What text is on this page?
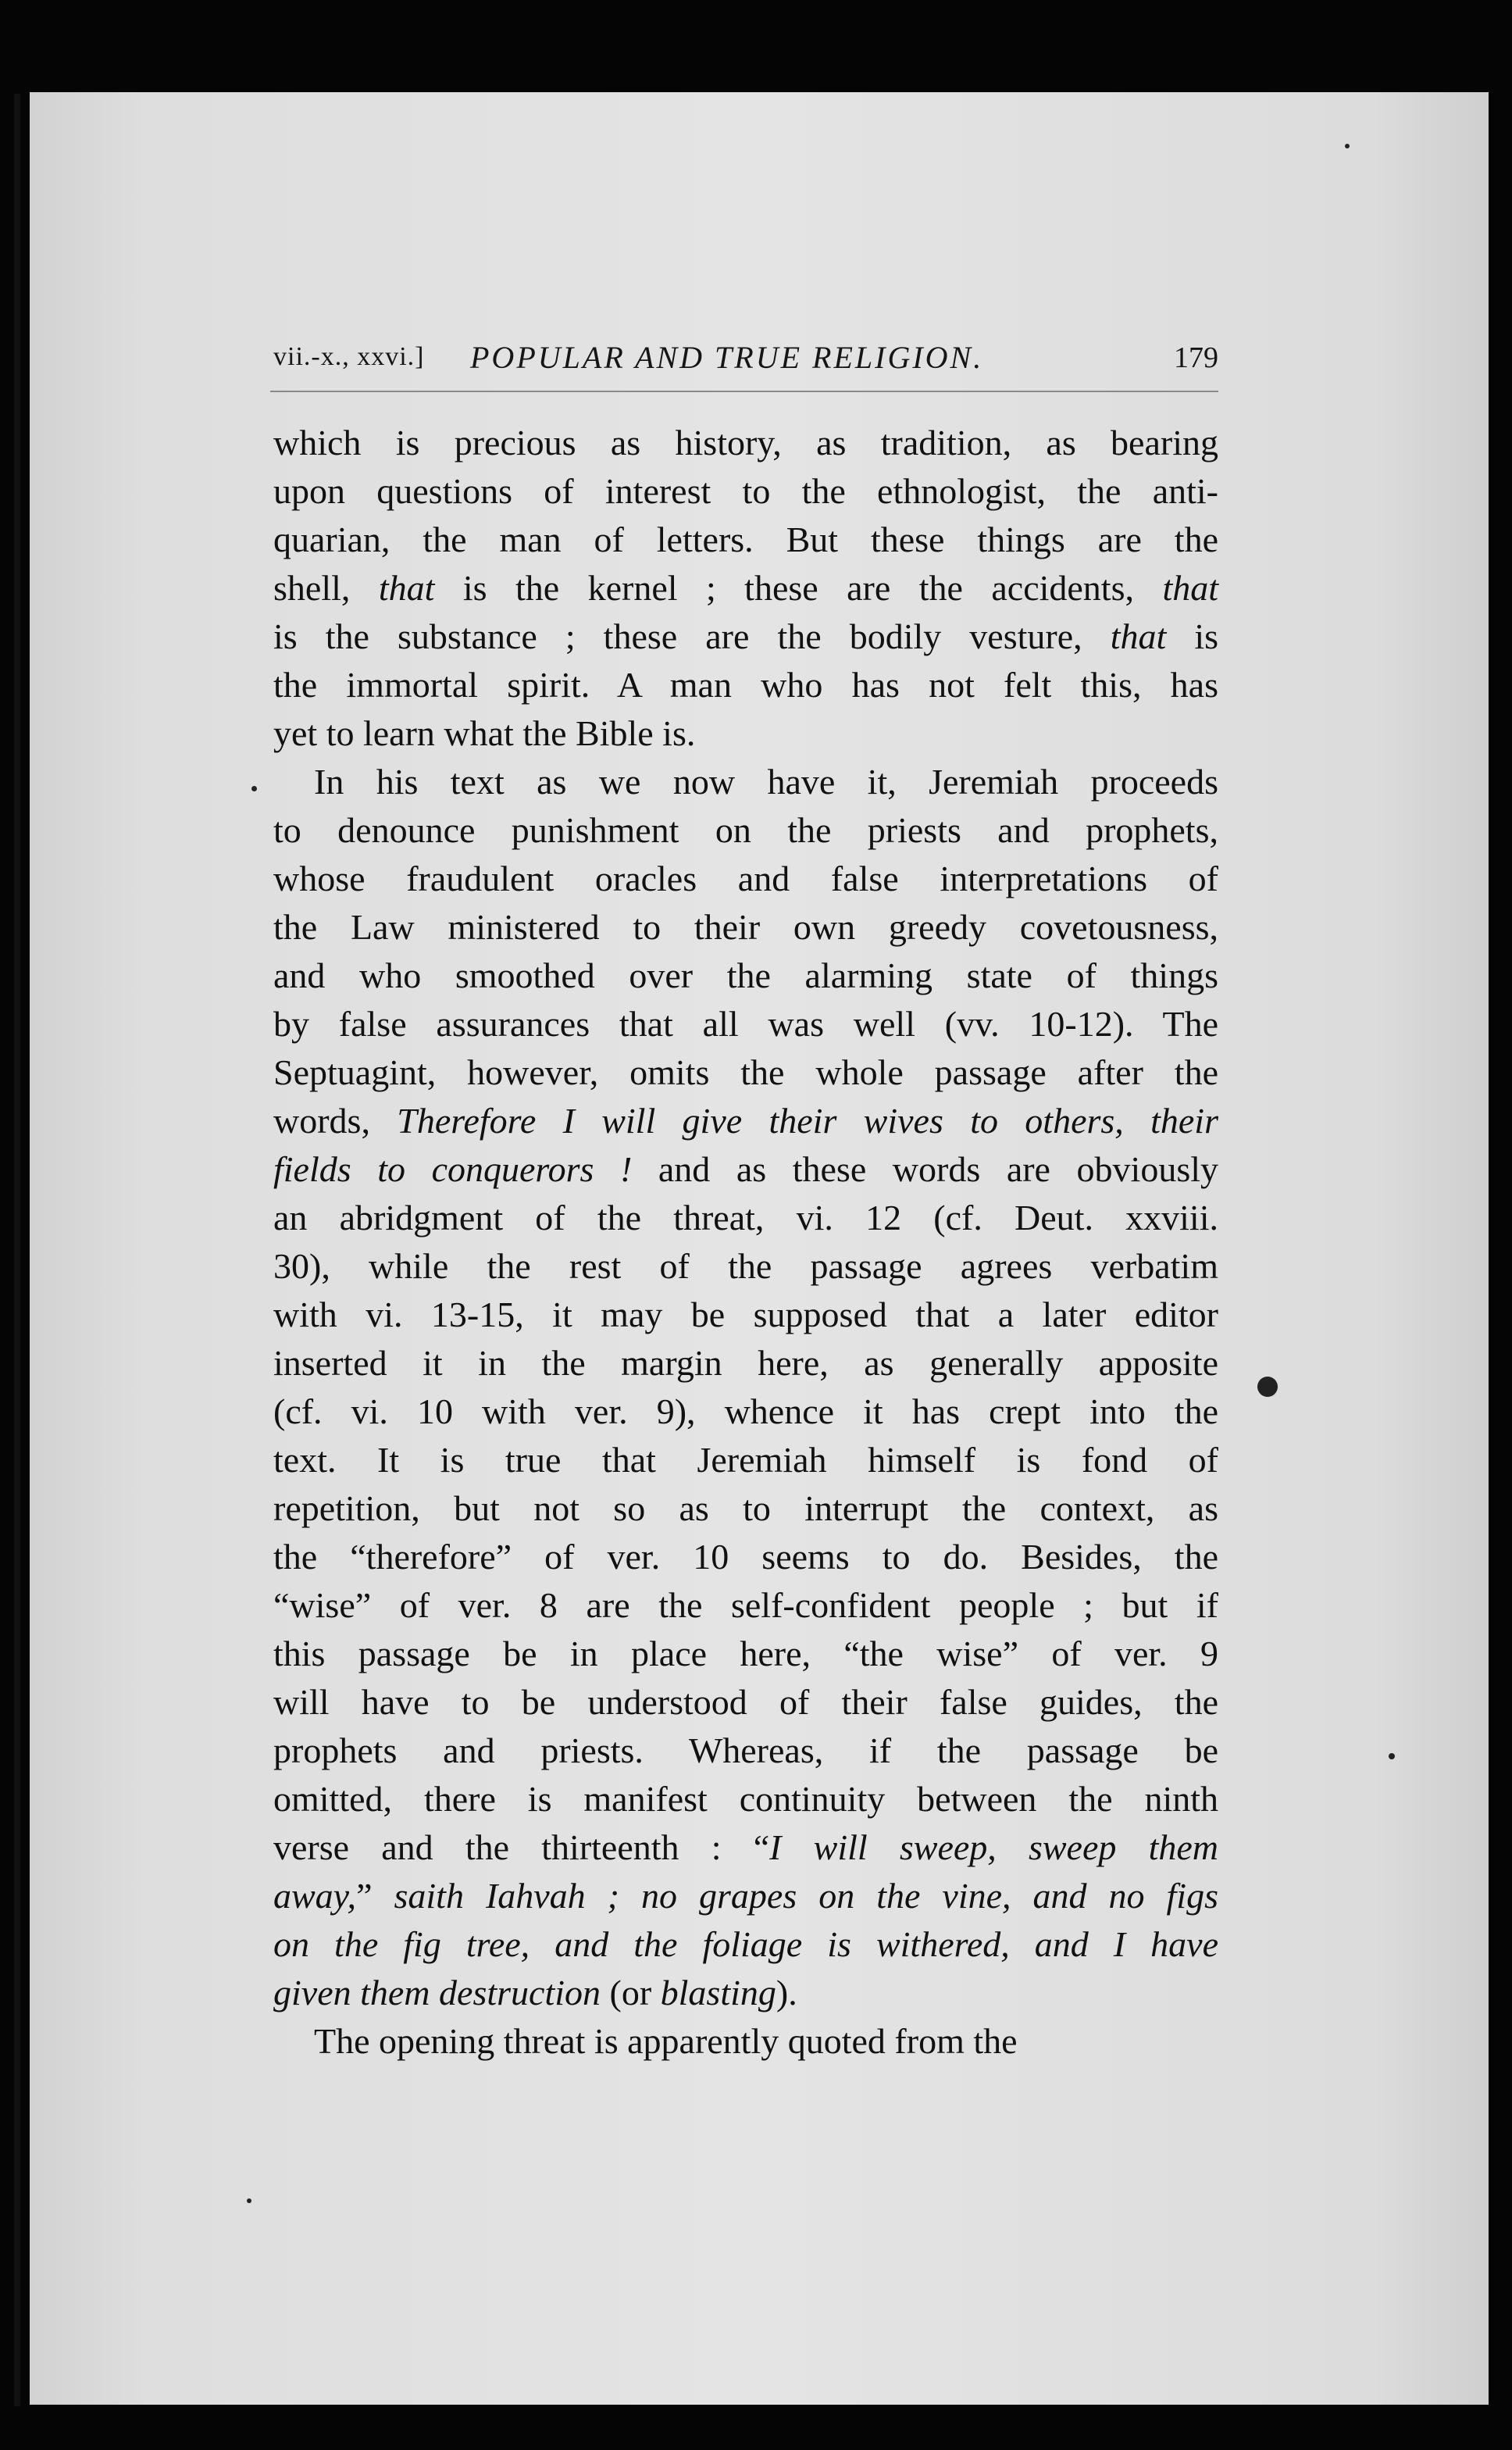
vii.-x., xxvi.] POPULAR AND TRUE RELIGION.	179
which is precious as history, as tradition, as bearing
upon questions of interest to the ethnologist, the anti-
quarian, the man of letters. But these things are the
shell, that is the kernel ; these are the accidents, that
is the substance ; these are the bodily vesture, that is
the immortal spirit. A man who has not felt this, has
yet to learn what the Bible is.
In his text as we now have it, Jeremiah proceeds
to denounce punishment on the priests and prophets,
whose fraudulent oracles and false interpretations of
the Law ministered to their own greedy covetousness,
and who smoothed over the alarming state of things
by false assurances that all was well (vv. 10-12). The
Septuagint, however, omits the whole passage after the
words, Therefore I will give their wives to others, their
fields to conquerors ! and as these words are obviously
an abridgment of the threat, vi. 12 (cf. Deut. xxviii.
30), while the rest of the passage agrees verbatim
with vi. 13-15, it may be supposed that a later editor
inserted it in the margin here, as generally apposite
(cf. vi. 10 with ver. 9), whence it has crept into the
text. It is true that Jeremiah himself is fond of
repetition, but not so as to interrupt the context, as
the “therefore” of ver. 10 seems to do. Besides, the
“wise” of ver. 8 are the self-confident people ; but if
this passage be in place here, “the wise” of ver. 9
will have to be understood of their false guides, the
prophets and priests. Whereas, if the passage be
omitted, there is manifest continuity between the ninth
verse and the thirteenth : “I will sweep, sweep them
away,” saith Iahvah ; no grapes on the vine, and no figs
on the fig tree, and the foliage is withered, and I have
given them destruction (or blasting).
The opening threat is apparently quoted from the
